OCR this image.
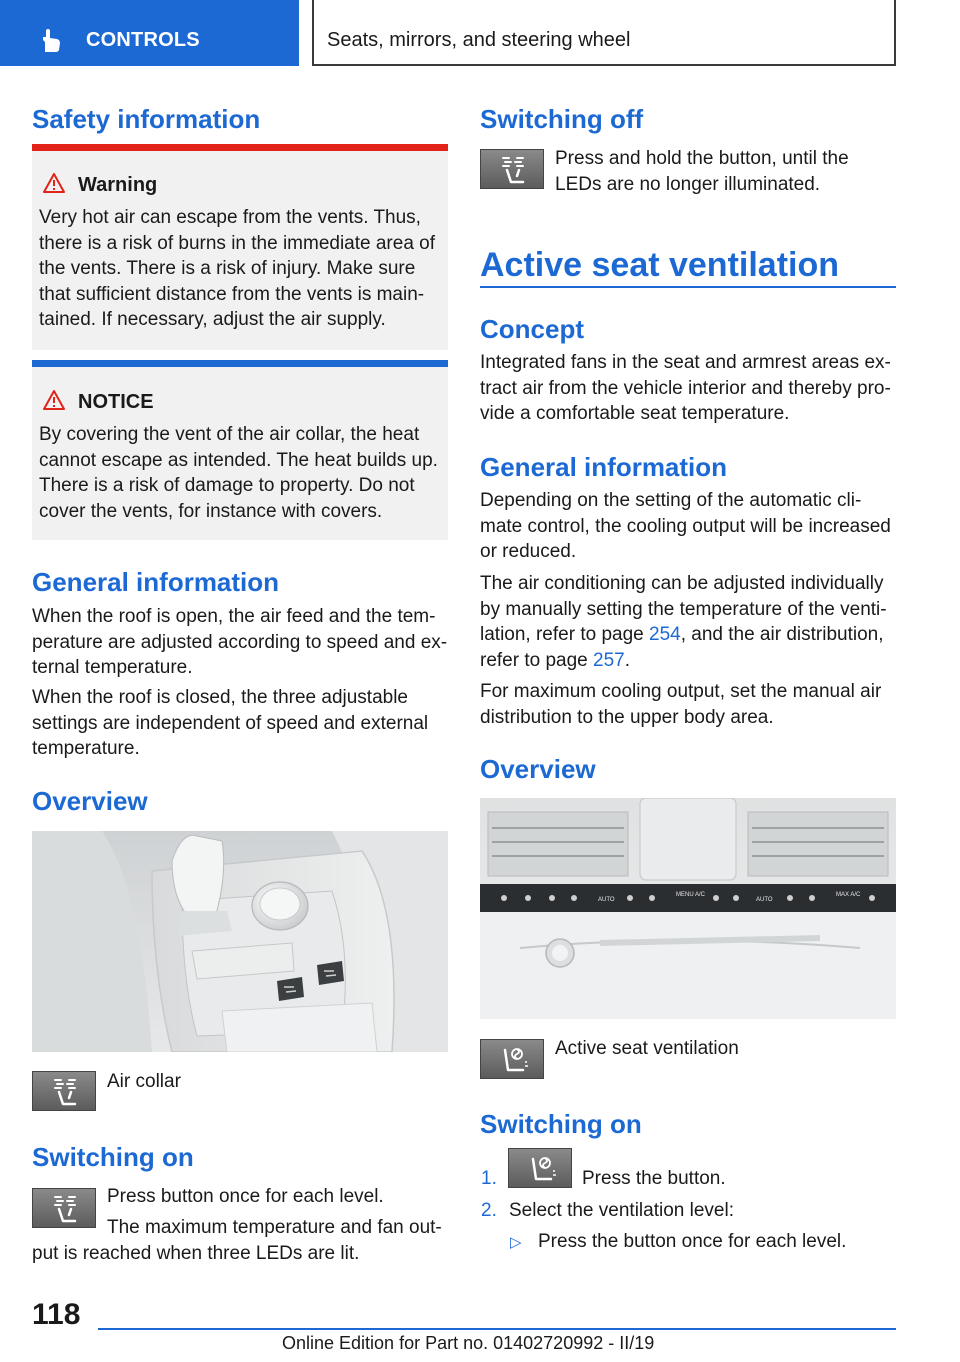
CONTROLS	Seats, mirrors, and steering wheel
Safety information
Warning
Very hot air can escape from the vents. Thus, there is a risk of burns in the immediate area of the vents. There is a risk of injury. Make sure that sufficient distance from the vents is main-tained. If necessary, adjust the air supply.
NOTICE
By covering the vent of the air collar, the heat cannot escape as intended. The heat builds up. There is a risk of damage to property. Do not cover the vents, for instance with covers.
General information
When the roof is open, the air feed and the tem-perature are adjusted according to speed and ex-ternal temperature.
When the roof is closed, the three adjustable settings are independent of speed and external temperature.
Overview
Air collar
Switching on
Press button once for each level.
The maximum temperature and fan out-
put is reached when three LEDs are lit.
Switching off
Press and hold the button, until the LEDs are no longer illuminated.
Active seat ventilation
Concept
Integrated fans in the seat and armrest areas ex-tract air from the vehicle interior and thereby pro-vide a comfortable seat temperature.
General information
Depending on the setting of the automatic cli-mate control, the cooling output will be increased or reduced.
The air conditioning can be adjusted individually by manually setting the temperature of the venti-lation, refer to page 254, and the air distribution, refer to page 257.
For maximum cooling output, set the manual air distribution to the upper body area.
Overview
AUTO
MENU A/C
AUTO
MAX A/C
Active seat ventilation
Switching on
1.	Press the button.
2. Select the ventilation level:
▷ Press the button once for each level.
118
Online Edition for Part no. 01402720992 - II/19
